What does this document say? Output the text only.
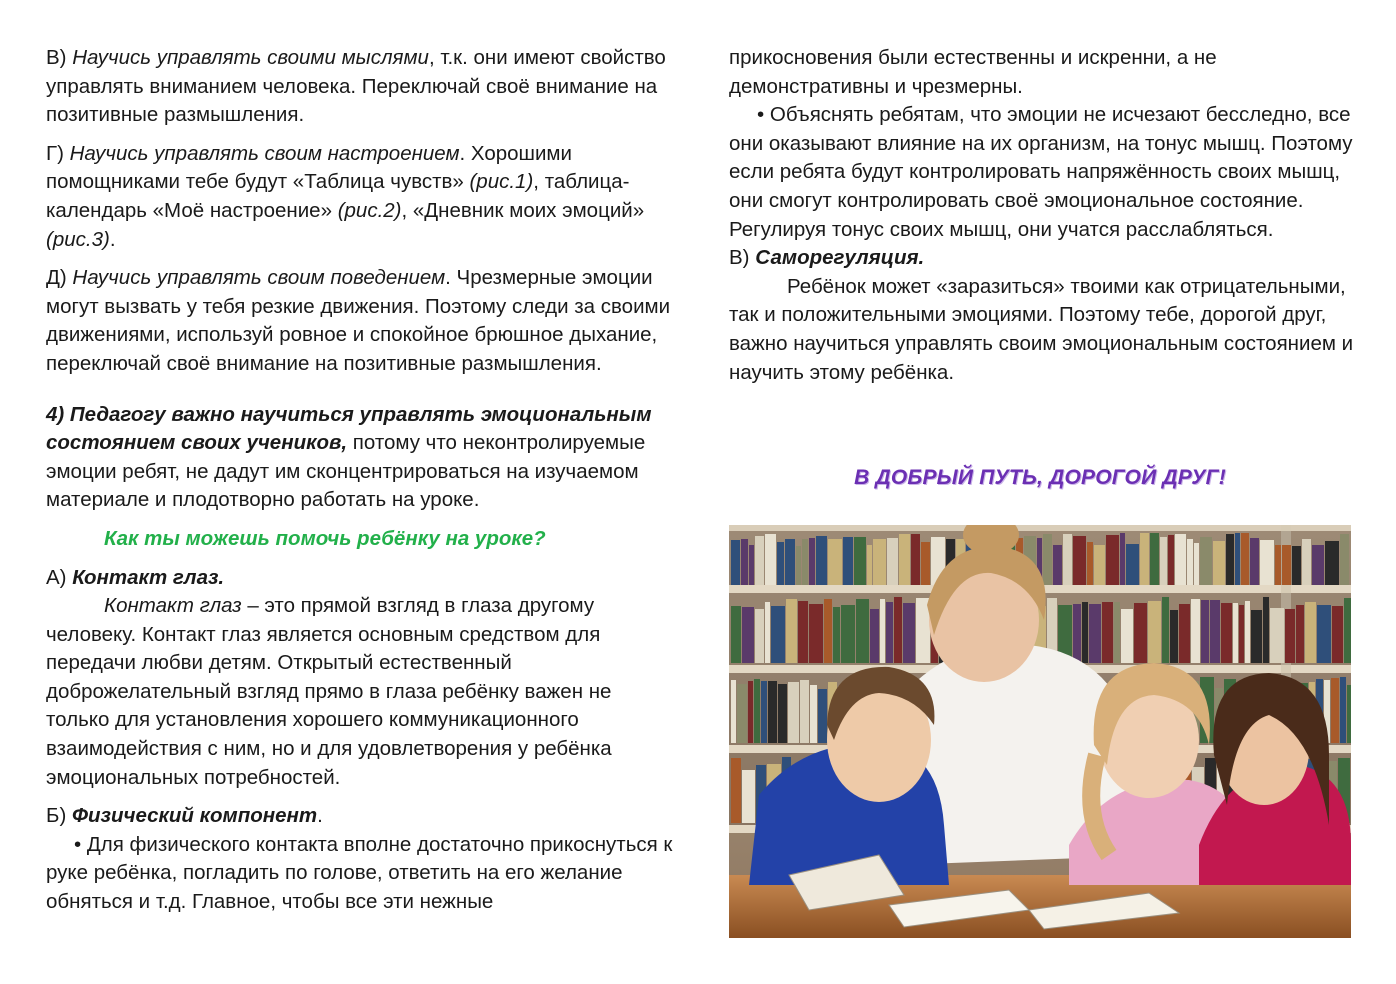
В) Научись управлять своими мыслями, т.к. они имеют свойство управлять вниманием человека. Переключай своё внимание на позитивные размышления.

Г) Научись управлять своим настроением. Хорошими помощниками тебе будут «Таблица чувств» (рис.1), таблица-календарь «Моё настроение» (рис.2), «Дневник моих эмоций» (рис.3).

Д) Научись управлять своим поведением. Чрезмерные эмоции могут вызвать у тебя резкие движения. Поэтому следи за своими движениями, используй ровное и спокойное брюшное дыхание, переключай своё внимание на позитивные размышления.

4) Педагогу важно научиться управлять эмоциональным состоянием своих учеников, потому что неконтролируемые эмоции ребят, не дадут им сконцентрироваться на изучаемом материале и плодотворно работать на уроке.

Как ты можешь помочь ребёнку на уроке?

А) Контакт глаз.

Контакт глаз – это прямой взгляд в глаза другому человеку. Контакт глаз является основным средством для передачи любви детям. Открытый естественный доброжелательный взгляд прямо в глаза ребёнку важен не только для установления хорошего коммуникационного взаимодействия с ним, но и для удовлетворения у ребёнка эмоциональных потребностей.

Б) Физический компонент.

• Для физического контакта вполне достаточно прикоснуться к руке ребёнка, погладить по голове, ответить на его желание обняться и т.д. Главное, чтобы все эти нежные

прикосновения были естественны и искренни, а не демонстративны и чрезмерны.

• Объяснять ребятам, что эмоции не исчезают бесследно, все они оказывают влияние на их организм, на тонус мышц. Поэтому если ребята будут контролировать напряжённость своих мышц, они смогут контролировать своё эмоциональное состояние. Регулируя тонус своих мышц, они учатся расслабляться.

В) Саморегуляция.

Ребёнок может «заразиться» твоими как отрицательными, так и положительными эмоциями. Поэтому тебе, дорогой друг, важно научиться управлять своим эмоциональным состоянием и научить этому ребёнка.

В ДОБРЫЙ ПУТЬ, ДОРОГОЙ ДРУГ!
